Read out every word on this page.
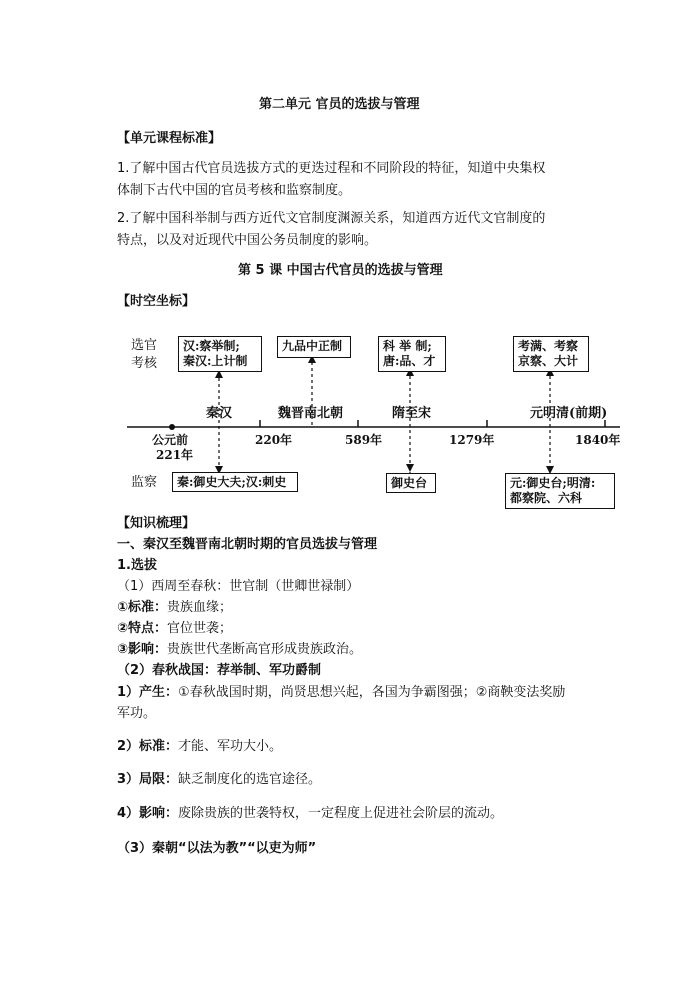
第二单元 官员的选拔与管理
【单元课程标准】
1.了解中国古代官员选拔方式的更迭过程和不同阶段的特征，知道中央集权
体制下古代中国的官员考核和监察制度。
2.了解中国科举制与西方近代文官制度渊源关系，知道西方近代文官制度的
特点，以及对近现代中国公务员制度的影响。
第 5 课 中国古代官员的选拔与管理
【时空坐标】
选官
考核
监察
汉:察举制;
秦汉:上计制
九品中正制	科 举 制;
唐:品、才
考满、考察
京察、大计
秦汉	魏晋南北朝	隋至宋	元明清(前期)
公元前
221年
220年	589年	1279年	1840年
秦:御史大夫;汉:刺史	御史台	元:御史台;明清:
都察院、六科
【知识梳理】
一、秦汉至魏晋南北朝时期的官员选拔与管理
1.选拔
（1）西周至春秋：世官制（世卿世禄制）
①标准：贵族血缘；
②特点：官位世袭；
③影响：贵族世代垄断高官形成贵族政治。
（2）春秋战国：荐举制、军功爵制
1）产生：①春秋战国时期，尚贤思想兴起，各国为争霸图强；②商鞅变法奖励
军功。
2）标准：才能、军功大小。
3）局限：缺乏制度化的选官途径。
4）影响：废除贵族的世袭特权，一定程度上促进社会阶层的流动。
（3）秦朝“以法为教”“以吏为师”
